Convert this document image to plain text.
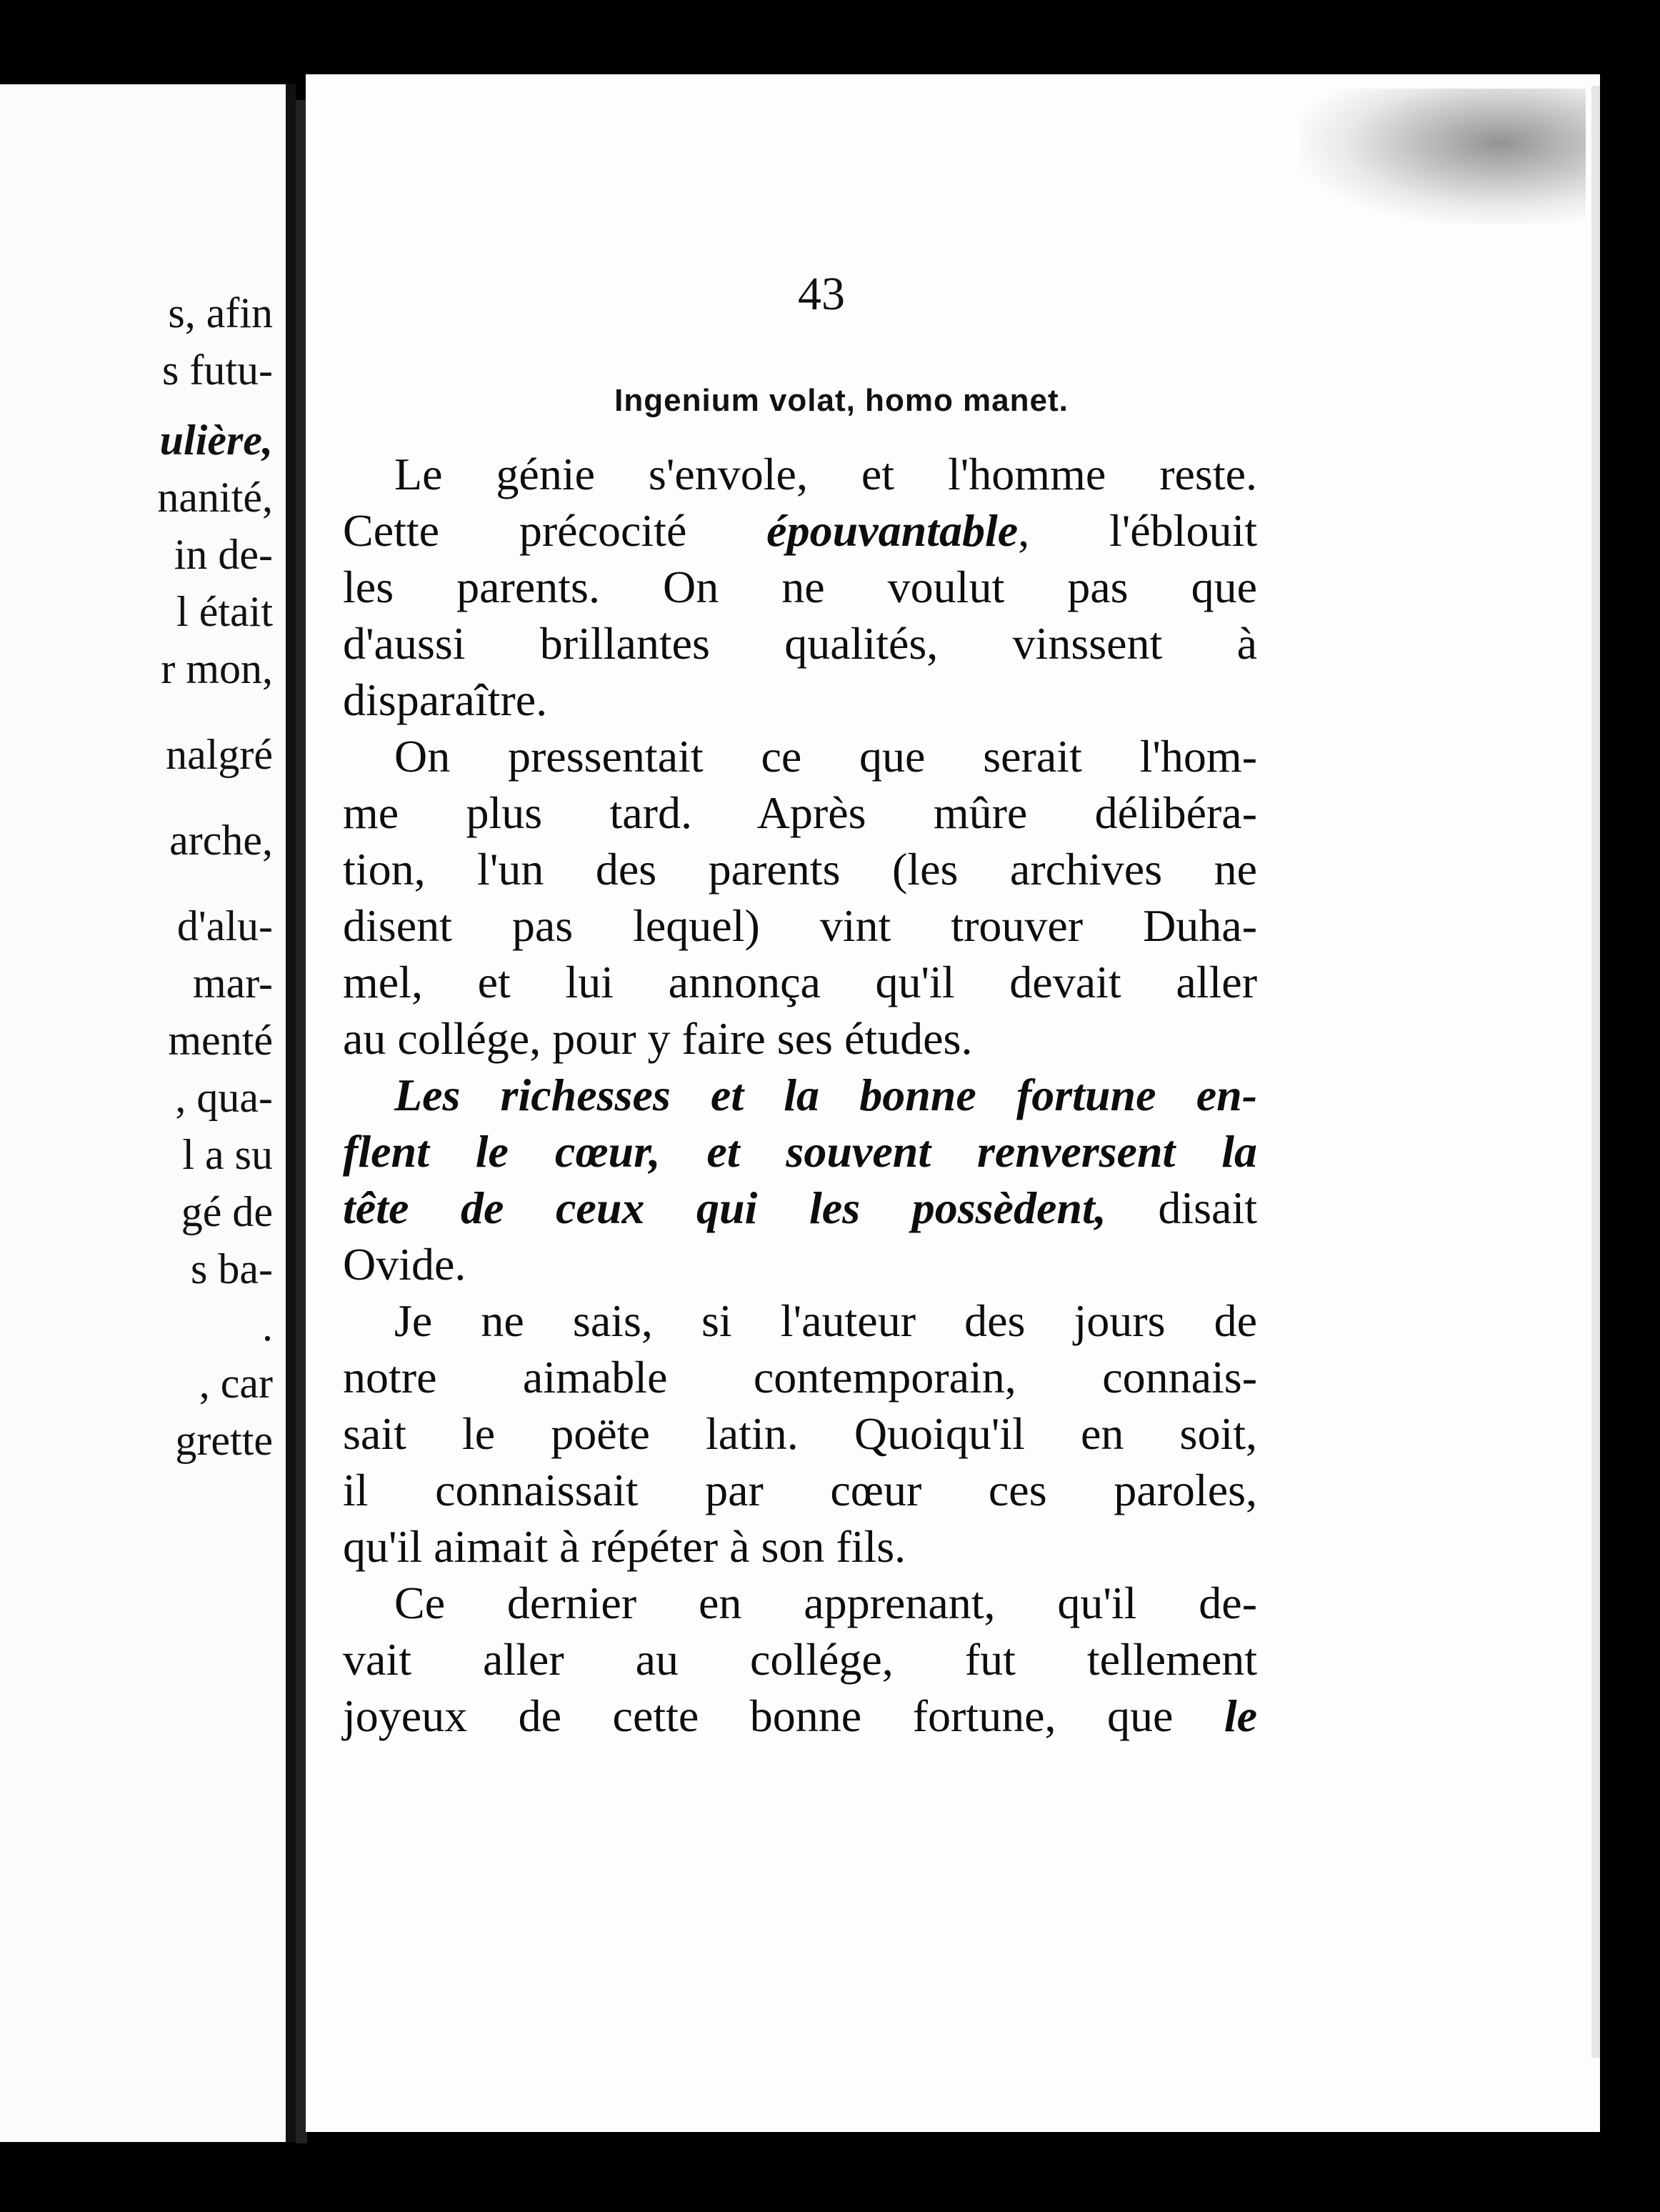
s, afin
s futu-
ulière,
nanité,
in de-
l était
r mon,
nalgré
arche,
d'alu-
mar-
menté
, qua-
l a su
gé de
s ba-
.
, car
grette
43
Ingenium volat, homo manet.
Le génie s'envole, et l'homme reste.
Cette précocité épouvantable, l'éblouit
les parents. On ne voulut pas que
d'aussi brillantes qualités, vinssent à
disparaître.
On pressentait ce que serait l'hom-
me plus tard. Après mûre délibéra-
tion, l'un des parents (les archives ne
disent pas lequel) vint trouver Duha-
mel, et lui annonça qu'il devait aller
au collége, pour y faire ses études.
Les richesses et la bonne fortune en-
flent le cœur, et souvent renversent la
tête de ceux qui les possèdent, disait
Ovide.
Je ne sais, si l'auteur des jours de
notre aimable contemporain, connais-
sait le poëte latin. Quoiqu'il en soit,
il connaissait par cœur ces paroles,
qu'il aimait à répéter à son fils.
Ce dernier en apprenant, qu'il de-
vait aller au collége, fut tellement
joyeux de cette bonne fortune, que le
